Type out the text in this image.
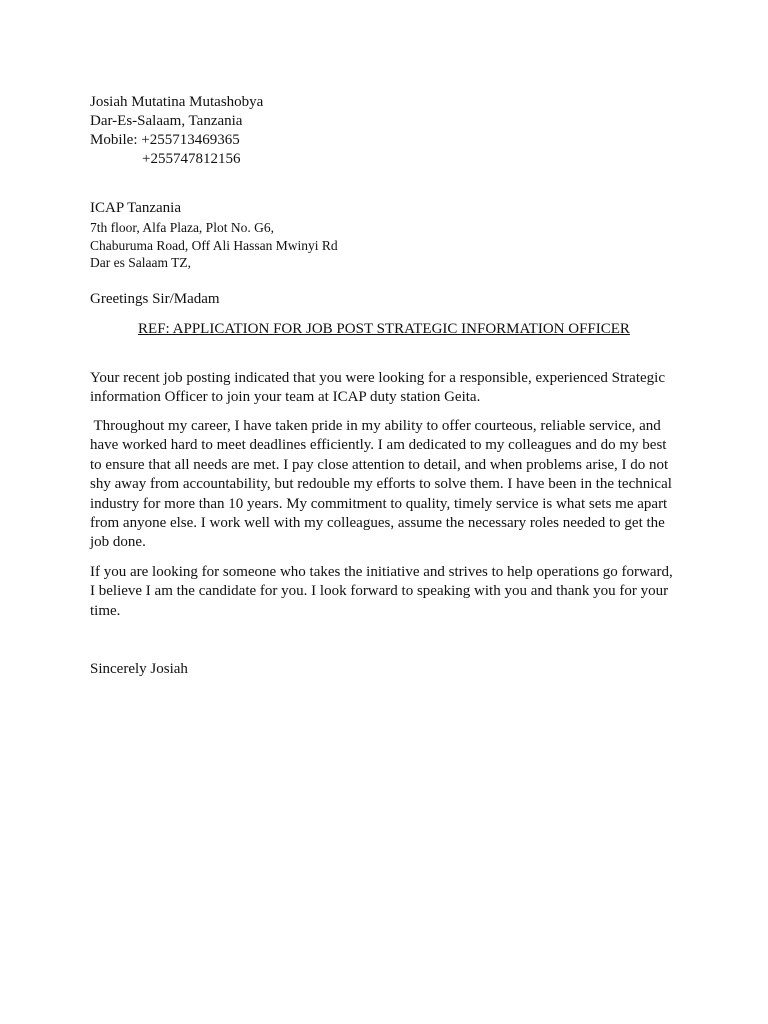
Josiah Mutatina Mutashobya
Dar-Es-Salaam, Tanzania
Mobile: +255713469365
+255747812156
ICAP Tanzania
7th floor, Alfa Plaza, Plot No. G6,
Chaburuma Road, Off Ali Hassan Mwinyi Rd
Dar es Salaam TZ,
Greetings Sir/Madam
REF: APPLICATION FOR JOB POST STRATEGIC INFORMATION OFFICER
Your recent job posting indicated that you were looking for a responsible, experienced Strategic
information Officer to join your team at ICAP duty station Geita.
Throughout my career, I have taken pride in my ability to offer courteous, reliable service, and
have worked hard to meet deadlines efficiently. I am dedicated to my colleagues and do my best
to ensure that all needs are met. I pay close attention to detail, and when problems arise, I do not
shy away from accountability, but redouble my efforts to solve them. I have been in the technical
industry for more than 10 years. My commitment to quality, timely service is what sets me apart
from anyone else. I work well with my colleagues, assume the necessary roles needed to get the
job done.
If you are looking for someone who takes the initiative and strives to help operations go forward,
I believe I am the candidate for you. I look forward to speaking with you and thank you for your
time.
Sincerely Josiah
